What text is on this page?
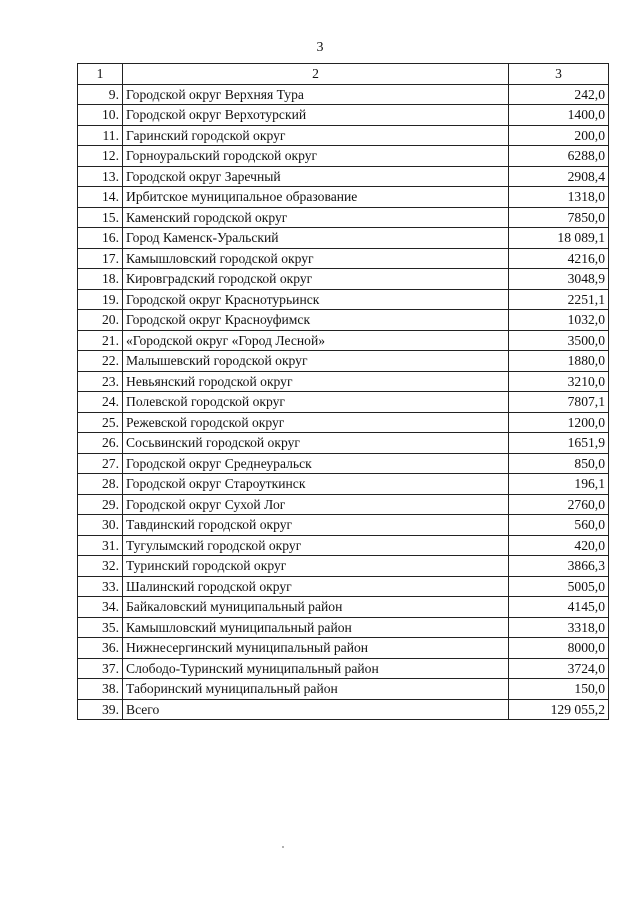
3
1	2	3
9.	Городской округ Верхняя Тура	242,0
10.	Городской округ Верхотурский	1400,0
11.	Гаринский городской округ	200,0
12.	Горноуральский городской округ	6288,0
13.	Городской округ Заречный	2908,4
14.	Ирбитское муниципальное образование	1318,0
15.	Каменский городской округ	7850,0
16.	Город Каменск-Уральский	18 089,1
17.	Камышловский городской округ	4216,0
18.	Кировградский городской округ	3048,9
19.	Городской округ Краснотурьинск	2251,1
20.	Городской округ Красноуфимск	1032,0
21.	«Городской округ «Город Лесной»	3500,0
22.	Малышевский городской округ	1880,0
23.	Невьянский городской округ	3210,0
24.	Полевской городской округ	7807,1
25.	Режевской городской округ	1200,0
26.	Сосьвинский городской округ	1651,9
27.	Городской округ Среднеуральск	850,0
28.	Городской округ Староуткинск	196,1
29.	Городской округ Сухой Лог	2760,0
30.	Тавдинский городской округ	560,0
31.	Тугулымский городской округ	420,0
32.	Туринский городской округ	3866,3
33.	Шалинский городской округ	5005,0
34.	Байкаловский муниципальный район	4145,0
35.	Камышловский муниципальный район	3318,0
36.	Нижнесергинский муниципальный район	8000,0
37.	Слободо-Туринский муниципальный район	3724,0
38.	Таборинский муниципальный район	150,0
39.	Всего	129 055,2
